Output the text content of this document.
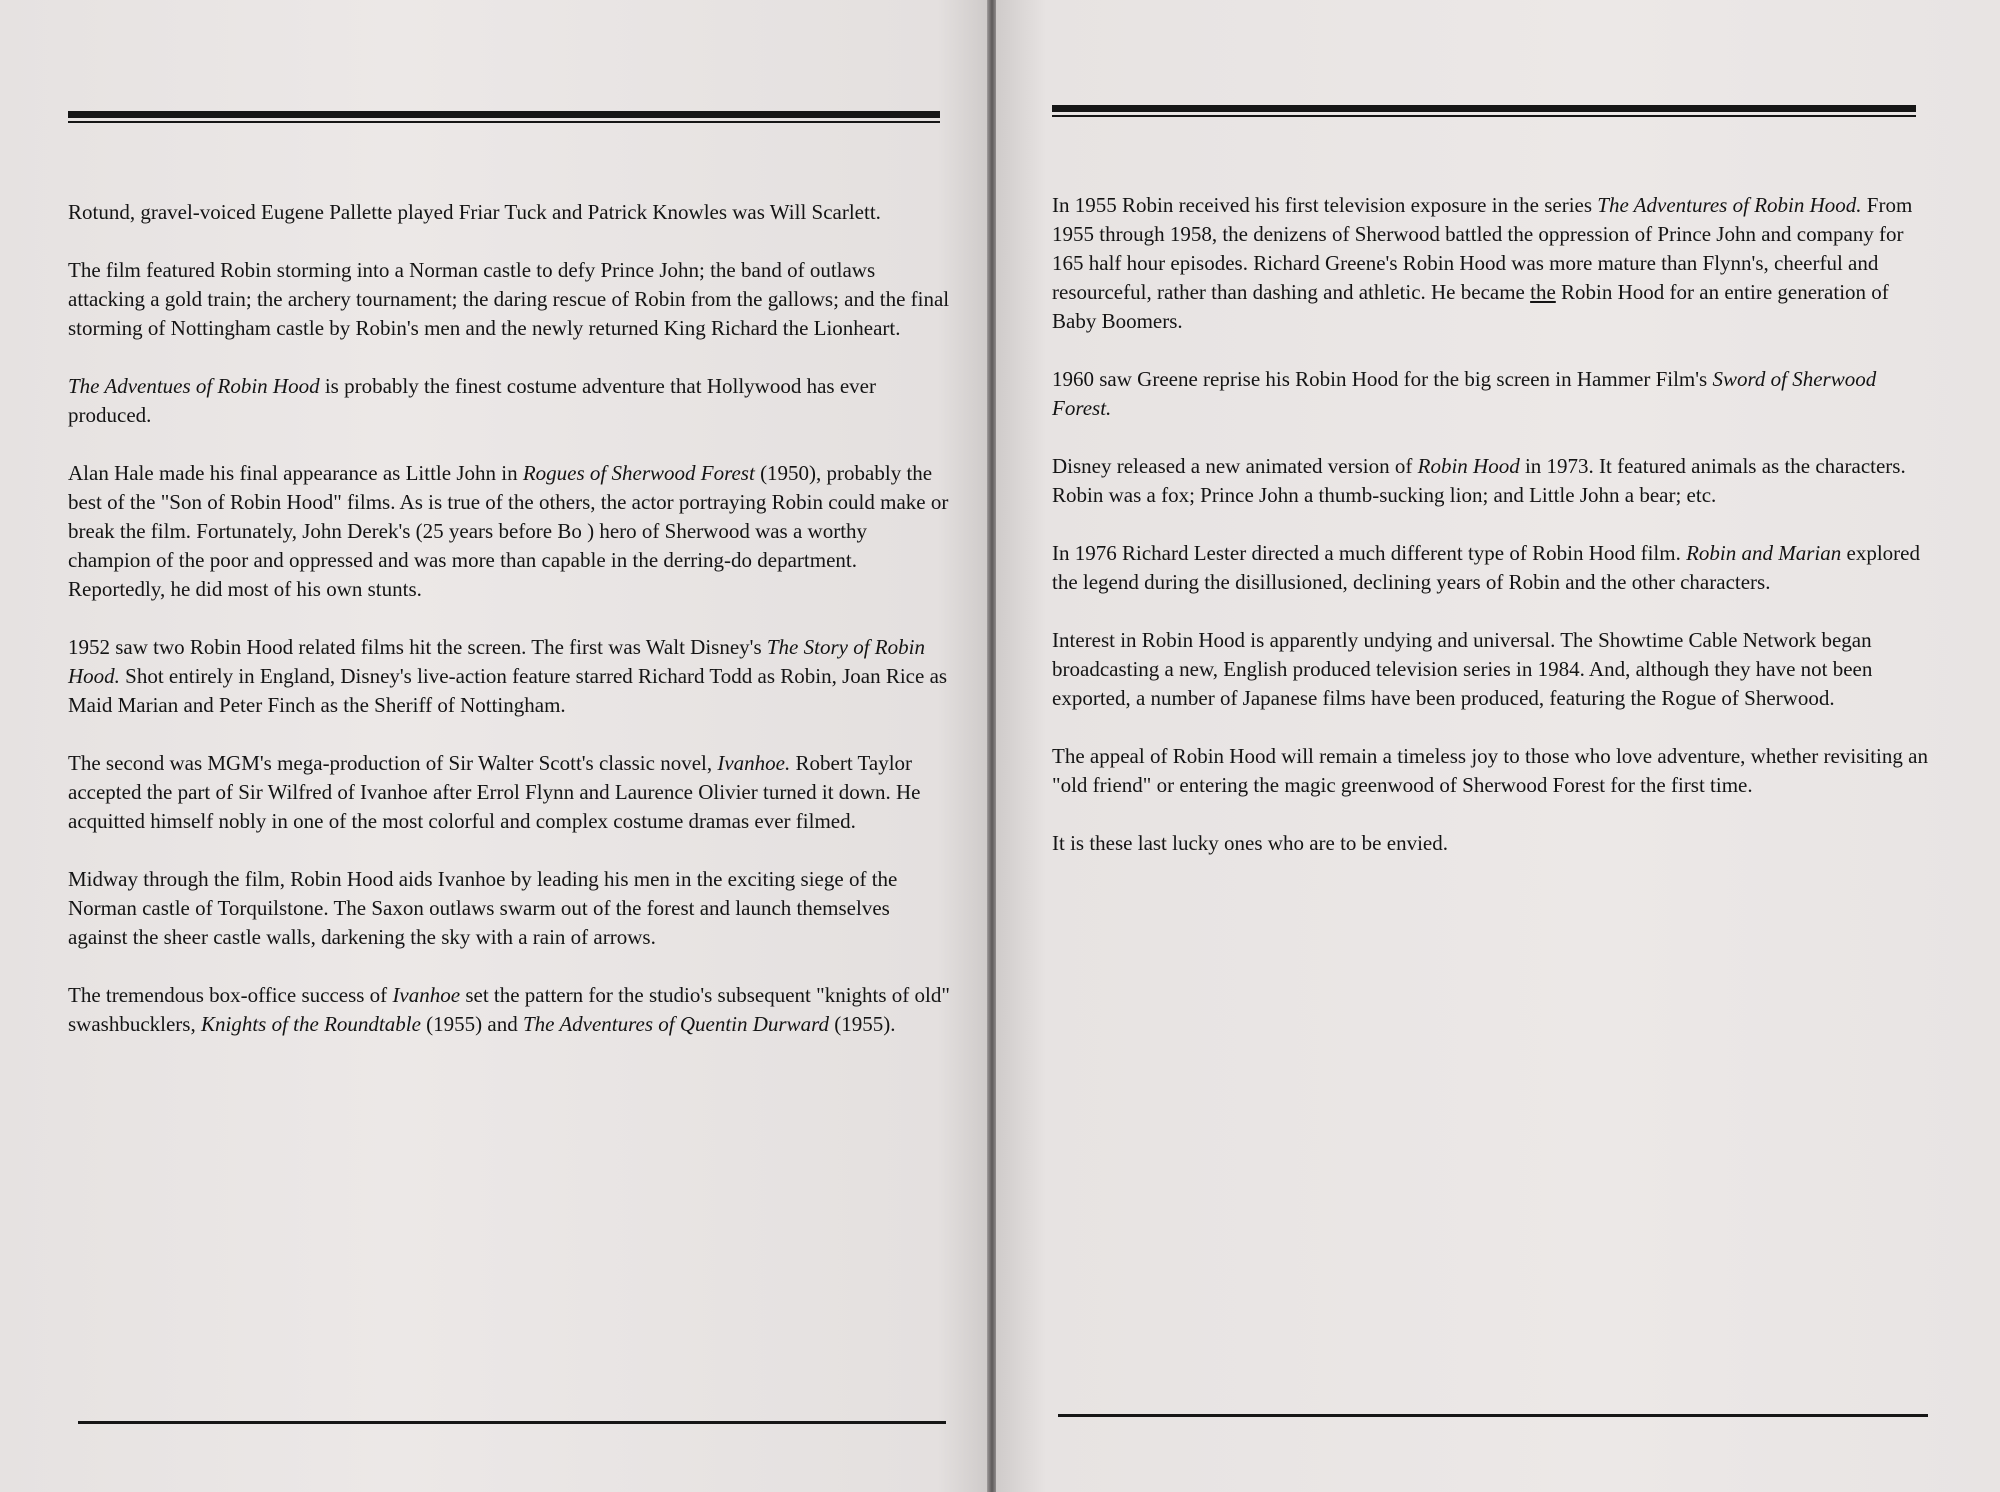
Rotund, gravel-voiced Eugene Pallette played Friar Tuck and Patrick Knowles was Will Scarlett.

The film featured Robin storming into a Norman castle to defy Prince John; the band of outlaws attacking a gold train; the archery tournament; the daring rescue of Robin from the gallows; and the final storming of Nottingham castle by Robin's men and the newly returned King Richard the Lionheart.

The Adventues of Robin Hood is probably the finest costume adventure that Hollywood has ever produced.

Alan Hale made his final appearance as Little John in Rogues of Sherwood Forest (1950), probably the best of the "Son of Robin Hood" films. As is true of the others, the actor portraying Robin could make or break the film. Fortunately, John Derek's (25 years before Bo ) hero of Sherwood was a worthy champion of the poor and oppressed and was more than capable in the derring-do department. Reportedly, he did most of his own stunts.

1952 saw two Robin Hood related films hit the screen. The first was Walt Disney's The Story of Robin Hood. Shot entirely in England, Disney's live-action feature starred Richard Todd as Robin, Joan Rice as Maid Marian and Peter Finch as the Sheriff of Nottingham.

The second was MGM's mega-production of Sir Walter Scott's classic novel, Ivanhoe. Robert Taylor accepted the part of Sir Wilfred of Ivanhoe after Errol Flynn and Laurence Olivier turned it down. He acquitted himself nobly in one of the most colorful and complex costume dramas ever filmed.

Midway through the film, Robin Hood aids Ivanhoe by leading his men in the exciting siege of the Norman castle of Torquilstone. The Saxon outlaws swarm out of the forest and launch themselves against the sheer castle walls, darkening the sky with a rain of arrows.

The tremendous box-office success of Ivanhoe set the pattern for the studio's subsequent "knights of old" swashbucklers, Knights of the Roundtable (1955) and The Adventures of Quentin Durward (1955).

In 1955 Robin received his first television exposure in the series The Adventures of Robin Hood. From 1955 through 1958, the denizens of Sherwood battled the oppression of Prince John and company for 165 half hour episodes. Richard Greene's Robin Hood was more mature than Flynn's, cheerful and resourceful, rather than dashing and athletic. He became the Robin Hood for an entire generation of Baby Boomers.

1960 saw Greene reprise his Robin Hood for the big screen in Hammer Film's Sword of Sherwood Forest.

Disney released a new animated version of Robin Hood in 1973. It featured animals as the characters. Robin was a fox; Prince John a thumb-sucking lion; and Little John a bear; etc.

In 1976 Richard Lester directed a much different type of Robin Hood film. Robin and Marian explored the legend during the disillusioned, declining years of Robin and the other characters.

Interest in Robin Hood is apparently undying and universal. The Showtime Cable Network began broadcasting a new, English produced television series in 1984. And, although they have not been exported, a number of Japanese films have been produced, featuring the Rogue of Sherwood.

The appeal of Robin Hood will remain a timeless joy to those who love adventure, whether revisiting an "old friend" or entering the magic greenwood of Sherwood Forest for the first time.

It is these last lucky ones who are to be envied.
